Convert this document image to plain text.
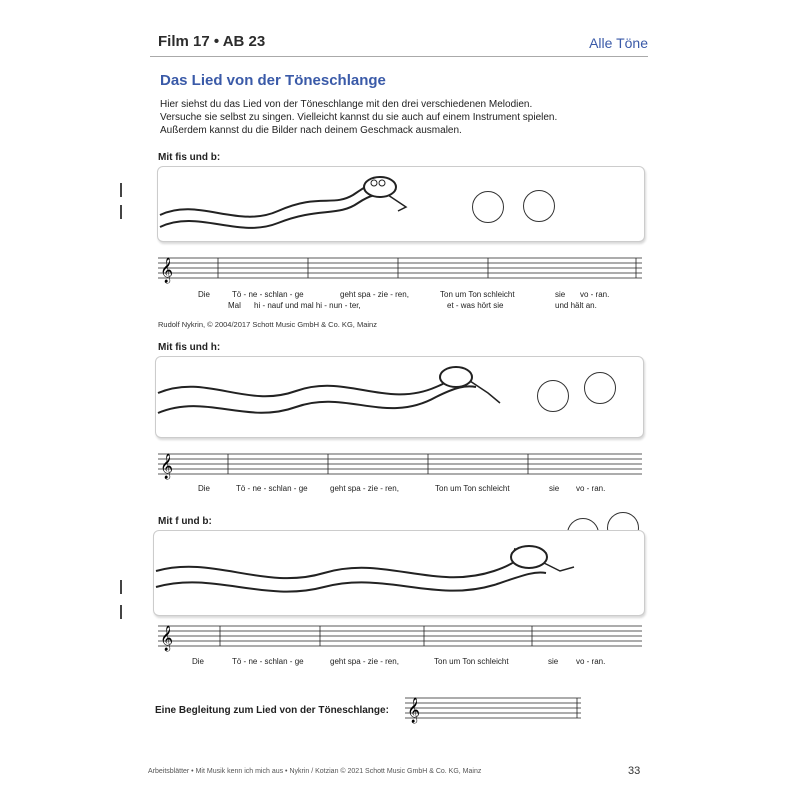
Film 17 • AB 23	Alle Töne
Das Lied von der Töneschlange
Hier siehst du das Lied von der Töneschlange mit den drei verschiedenen Melodien.
Versuche sie selbst zu singen. Vielleicht kannst du sie auch auf einem Instrument spielen.
Außerdem kannst du die Bilder nach deinem Geschmack ausmalen.
Mit fis und b:
𝄞
Die	Tö - ne - schlan - ge	geht spa - zie - ren,	Ton um Ton schleicht	sie vo - ran.
Mal hi - nauf und mal hi - nun - ter,	et - was hört sie	und hält an.
Rudolf Nykrin, © 2004/2017 Schott Music GmbH & Co. KG, Mainz
Mit fis und h:
𝄞
Die	Tö - ne - schlan - ge	geht spa - zie - ren,	Ton um Ton schleicht	sie vo - ran.
Mit f und b:
𝄞
Die	Tö - ne - schlan - ge	geht spa - zie - ren,	Ton um Ton schleicht	sie vo - ran.
Eine Begleitung zum Lied von der Töneschlange: 𝄞
Arbeitsblätter • Mit Musik kenn ich mich aus • Nykrin / Kotzian © 2021 Schott Music GmbH & Co. KG, Mainz	33
